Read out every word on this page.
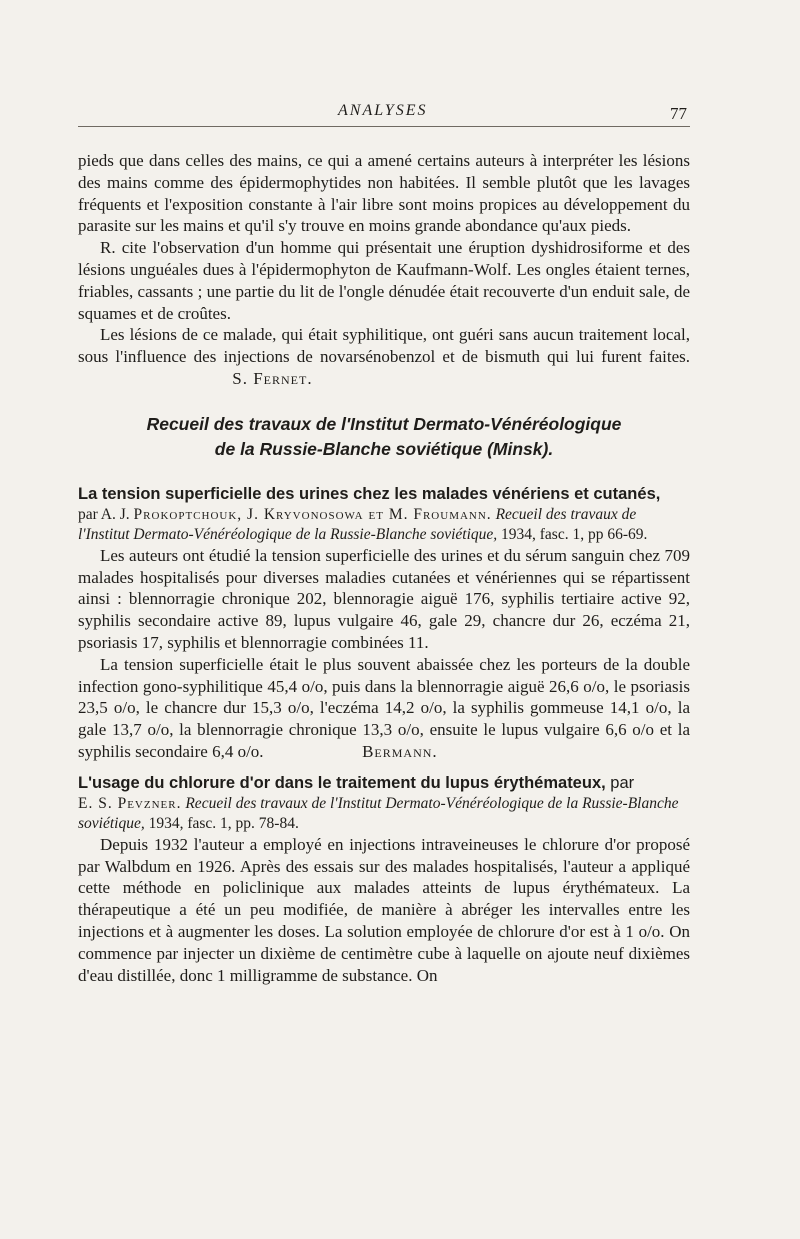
ANALYSES	77

pieds que dans celles des mains, ce qui a amené certains auteurs à interpréter les lésions des mains comme des épidermophytides non habitées. Il semble plutôt que les lavages fréquents et l'exposition constante à l'air libre sont moins propices au développement du parasite sur les mains et qu'il s'y trouve en moins grande abondance qu'aux pieds.

R. cite l'observation d'un homme qui présentait une éruption dyshidrosiforme et des lésions unguéales dues à l'épidermophyton de Kaufmann-Wolf. Les ongles étaient ternes, friables, cassants ; une partie du lit de l'ongle dénudée était recouverte d'un enduit sale, de squames et de croûtes.

Les lésions de ce malade, qui était syphilitique, ont guéri sans aucun traitement local, sous l'influence des injections de novarsénobenzol et de bismuth qui lui furent faites.  S. Fernet.

Recueil des travaux de l'Institut Dermato-Vénéréologique
de la Russie-Blanche soviétique (Minsk).
La tension superficielle des urines chez les malades vénériens et cutanés,
par A. J. Prokoptchouk, J. Kryvonosowa et M. Froumann. Recueil des travaux de l'Institut Dermato-Vénéréologique de la Russie-Blanche soviétique, 1934, fasc. 1, pp 66-69.

Les auteurs ont étudié la tension superficielle des urines et du sérum sanguin chez 709 malades hospitalisés pour diverses maladies cutanées et vénériennes qui se répartissent ainsi : blennorragie chronique 202, blennoragie aiguë 176, syphilis tertiaire active 92, syphilis secondaire active 89, lupus vulgaire 46, gale 29, chancre dur 26, eczéma 21, psoriasis 17, syphilis et blennorragie combinées 11.

La tension superficielle était le plus souvent abaissée chez les porteurs de la double infection gono-syphilitique 45,4 o/o, puis dans la blennorragie aiguë 26,6 o/o, le psoriasis 23,5 o/o, le chancre dur 15,3 o/o, l'eczéma 14,2 o/o, la syphilis gommeuse 14,1 o/o, la gale 13,7 o/o, la blennorragie chronique 13,3 o/o, ensuite le lupus vulgaire 6,6 o/o et la syphilis secondaire 6,4 o/o.	Bermann.

L'usage du chlorure d'or dans le traitement du lupus érythémateux, par
E. S. Pevzner. Recueil des travaux de l'Institut Dermato-Vénéréologique de la Russie-Blanche soviétique, 1934, fasc. 1, pp. 78-84.

Depuis 1932 l'auteur a employé en injections intraveineuses le chlorure d'or proposé par Walbdum en 1926. Après des essais sur des malades hospitalisés, l'auteur a appliqué cette méthode en policlinique aux malades atteints de lupus érythémateux. La thérapeutique a été un peu modifiée, de manière à abréger les intervalles entre les injections et à augmenter les doses. La solution employée de chlorure d'or est à 1 o/o. On commence par injecter un dixième de centimètre cube à laquelle on ajoute neuf dixièmes d'eau distillée, donc 1 milligramme de substance. On
